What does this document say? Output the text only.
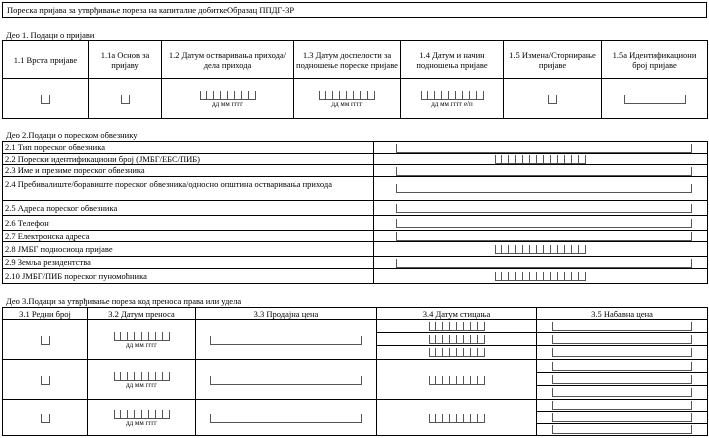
Пореска пријава за утврђивање пореза на капиталне добиткеОбразац ППДГ-3Р
Део 1. Подаци о пријави
1.1 Врста пријаве	1.1а Основ за пријаву	1.2 Датум остваривања прихода/дела прихода	1.3 Датум доспелости за подношење пореске пријаве	1.4 Датум и начин подношења пријаве	1.5 Измена/Сторнирање пријаве	1.5а Идентификациони број пријаве

		дд мм гггг	дд мм гггг	дд мм гггг е/п		

Део 2.Подаци о пореском обвезнику
2.1 Тип пореског обвезника	
2.2 Порески идентификациони број (ЈМБГ/ЕБС/ПИБ)	

2.3 Име и презиме пореског обвезника	
2.4 Пребивалиште/боравиште пореског обвезника/односно општина остваривања прихода	
2.5 Адреса пореског обвезника	
2.6 Телефон	
2.7 Електронска адреса	
2.8 ЈМБГ подносиоца пријаве	

2.9 Земља резидентства	
2.10 ЈМБГ/ПИБ пореског пуномоћника	
Део 3.Подаци за утврђивање пореза код преноса права или удела
3.1 Редни број	3.2 Датум преноса	3.3 Продајна цена	3.4 Датум стицања	3.5 Набавна цена

	дд мм гггг			

	дд мм гггг			

	дд мм гггг			
